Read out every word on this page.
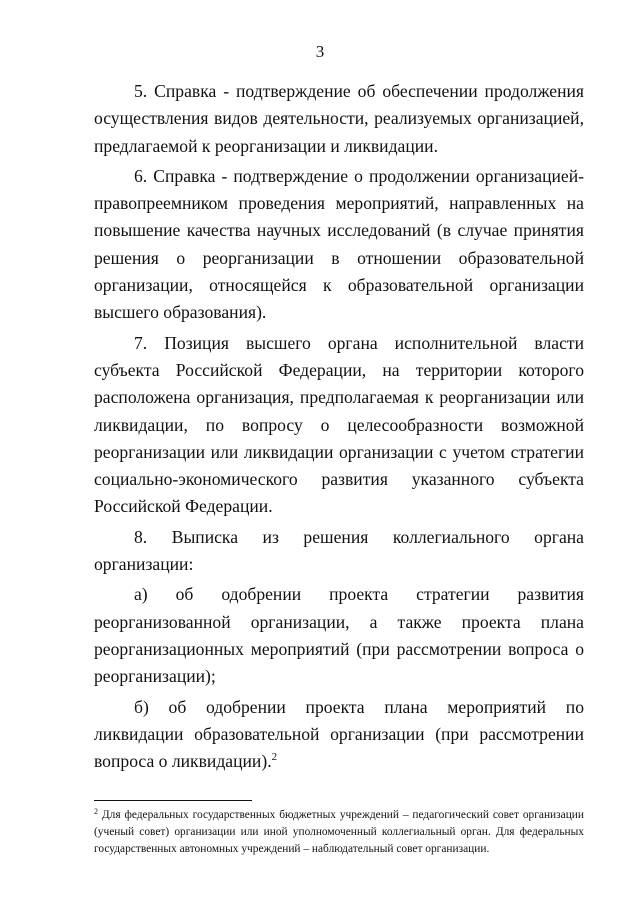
3

5. Справка - подтверждение об обеспечении продолжения осуществления видов деятельности, реализуемых организацией, предлагаемой к реорганизации и ликвидации.

6. Справка - подтверждение о продолжении организацией-правопреемником проведения мероприятий, направленных на повышение качества научных исследований (в случае принятия решения о реорганизации в отношении образовательной организации, относящейся к образовательной организации высшего образования).

7. Позиция высшего органа исполнительной власти субъекта Российской Федерации, на территории которого расположена организация, предполагаемая к реорганизации или ликвидации, по вопросу о целесообразности возможной реорганизации или ликвидации организации с учетом стратегии социально-экономического развития указанного субъекта Российской Федерации.

8. Выписка из решения коллегиального органа организации:

а) об одобрении проекта стратегии развития реорганизованной организации, а также проекта плана реорганизационных мероприятий (при рассмотрении вопроса о реорганизации);

б) об одобрении проекта плана мероприятий по ликвидации образовательной организации (при рассмотрении вопроса о ликвидации).$^2$

$^2$ Для федеральных государственных бюджетных учреждений – педагогический совет организации (ученый совет) организации или иной уполномоченный коллегиальный орган. Для федеральных государственных автономных учреждений – наблюдательный совет организации.
